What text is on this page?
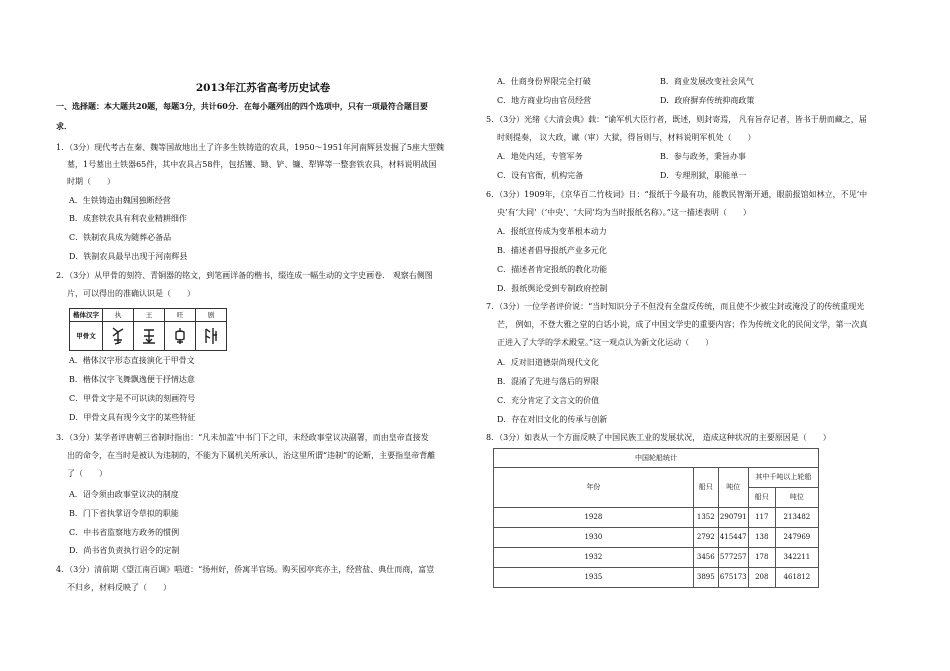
2013年江苏省高考历史试卷
一、选择题：本大题共20题，每题3分，共计60分．在每小题列出的四个选项中，只有一项最符合题目要
求．
1．（3分）现代考古在秦、魏等国故地出土了许多生铁铸造的农具，1950～1951年河南辉县发掘了5座大型魏
墓，1号墓出土铁器65件，其中农具占58件，包括镬、锄、铲、镰、犁铧等一整套铁农具，材料说明战国
时期（　　）
A．生铁铸造由魏国独断经营
B．成套铁农具有利农业精耕细作
C．铁制农具成为随葬必备品
D．铁制农具最早出现于河南辉县
2．（3分）从甲骨的刻符、青铜器的铭文，到笔画详备的楷书，缀连成一幅生动的文字史画卷． 观察右侧图
片，可以得出的准确认识是（　　）
楷体汉字	执	王	旺	剧
甲骨文				
A．楷体汉字形态直接演化于甲骨文
B．楷体汉字飞舞飘逸便于抒情达意
C．甲骨文字是不可识读的刻画符号
D．甲骨文具有现今文字的某些特征
3．（3分）某学者评唐朝三省制时指出：“凡未加盖‘中书门下之印，未经政事堂议决副署，而由皇帝直接发
出的命令，在当时是被认为违制的，不能为下属机关所承认，治这里所谓“违制”的论断，主要指皇帝背離
了（　　）
A．诏令须由政事堂议决的制度
B．门下省执掌诏令草拟的职能
C．中书省监察地方政务的惯例
D．尚书省负责执行诏令的定制
4．（3分）清前期《望江南百调》唱道：“扬州好，侨寓半官场。购买园亭宾亦主，经营盐、典仕而商，富豈
不归乡，材料反映了（　　）
A．仕商身份界限完全打破	B．商业发展改变社会风气
C．地方商业均由官员经营	D．政府摒弃传统抑商政策
5．（3分）光绪《大清会典》载：“谕军机大臣行者，既述，则封寄焉， 凡有旨存记者，皆书于册而藏之，届
时则提奏， 议大政，谳（审）大狱，得旨则与，材料说明军机处（　　）
A．地处内廷，专管军务	B．参与政务，秉旨办事
C．设有官衙，机构完备	D．专理刑狱，职能单一
6．（3分）1909年，《京华百二竹枝词》日：“报纸于今最有功，能教民智渐开通，眼前报馆如林立，不见‘中
央’有‘大同’（‘中央’、‘大同’均为当时报纸名称）。”这一描述表明（　　）
A．报纸宣传成为变革根本动力
B．描述者倡导报纸产业多元化
C．描述者肯定报纸的教化功能
D．报纸舆论受到专制政府控制
7．（3分）一位学者评价说：“当时知识分子不但没有全盘反传统，而且使不少被尘封或淹没了的传统重现光
芒， 例如，不登大雅之堂的白话小说，成了中国文学史的重要内容；作为传统文化的民间文学，第一次真
正进入了大学的学术殿堂。”这一观点认为新文化运动（　　）
A．反对旧道德崇尚现代文化
B．混淆了先进与落后的界限
C．充分肯定了文言文的价值
D．存在对旧文化的传承与创新
8．（3分）如表从一个方面反映了中国民族工业的发展状况， 造成这种状况的主要原因是（　　）
中国轮船统计				
年份	船只	吨位	其中千吨以上轮船	
			船只	吨位
1928	1352	290791	117	213482
1930	2792	415447	138	247969
1932	3456	577257	178	342211
1935	3895	675173	208	461812
